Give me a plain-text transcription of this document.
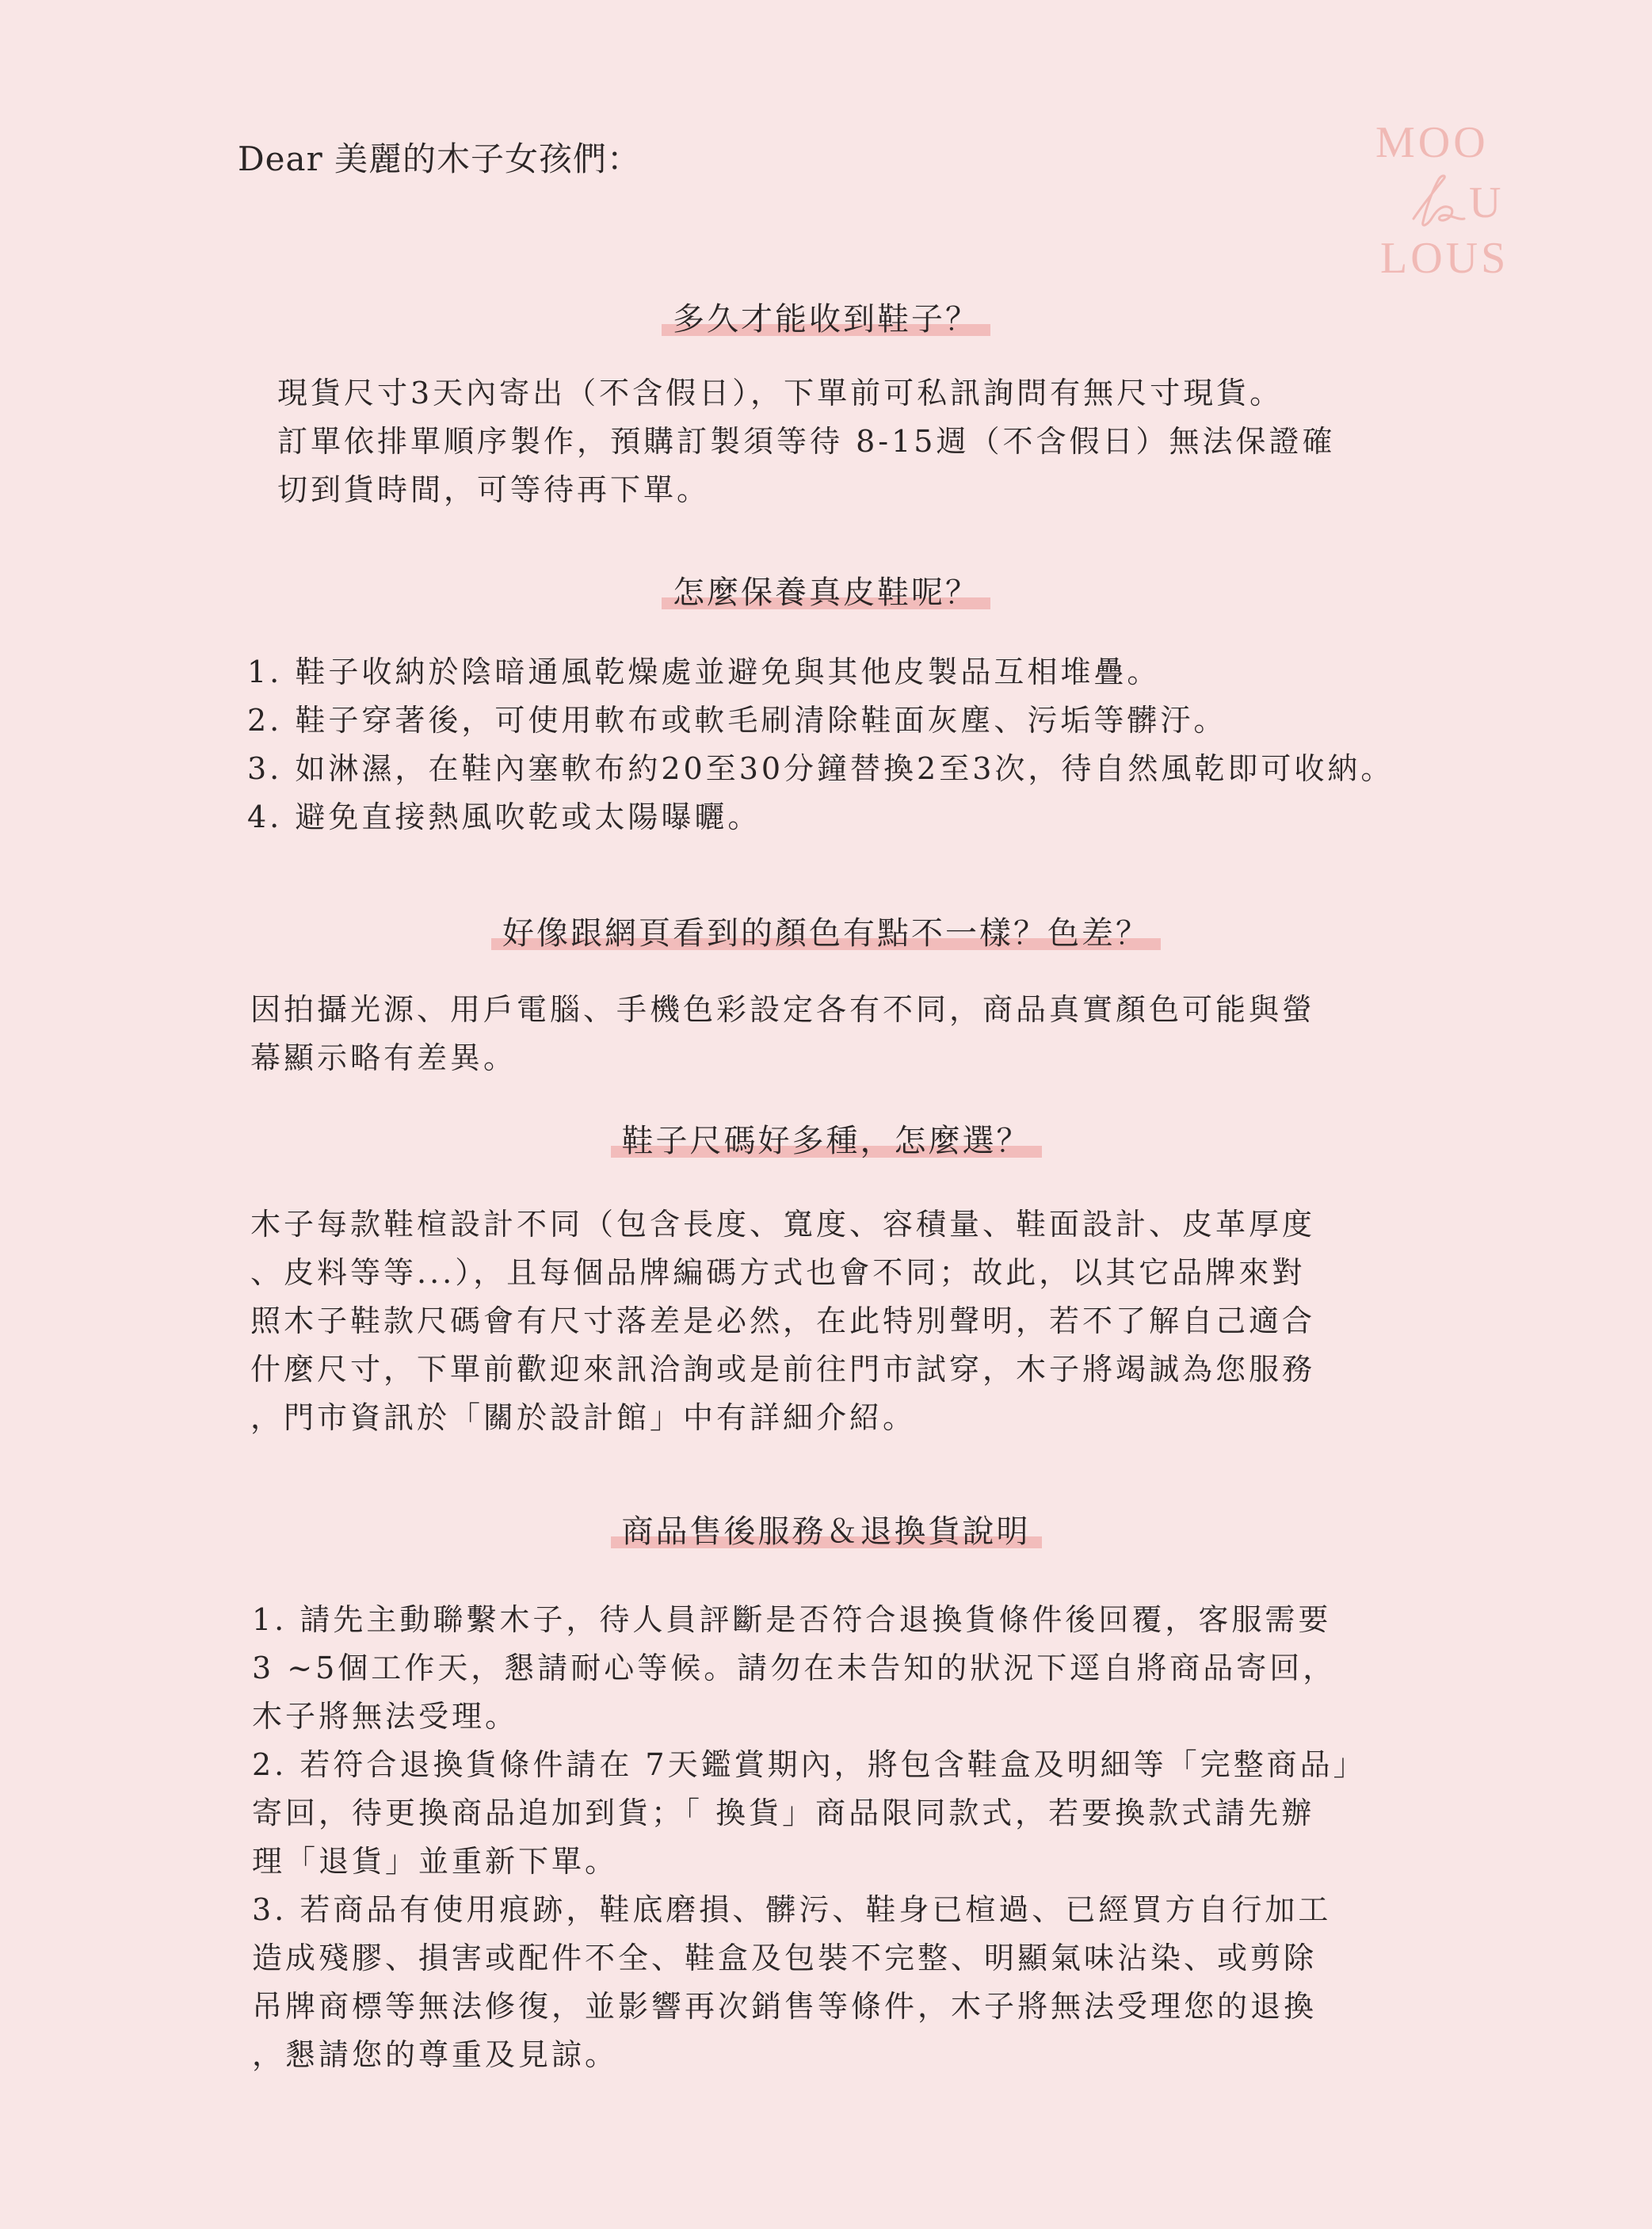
Dear 美麗的木子女孩們：	MOO
U
LOUS
多久才能收到鞋子？
現貨尺寸3天內寄出（不含假日），下單前可私訊詢問有無尺寸現貨。
訂單依排單順序製作，預購訂製須等待 8-15週（不含假日）無法保證確
切到貨時間，可等待再下單。
怎麼保養真皮鞋呢？
1. 鞋子收納於陰暗通風乾燥處並避免與其他皮製品互相堆疊。
2. 鞋子穿著後，可使用軟布或軟毛刷清除鞋面灰塵、污垢等髒汙。
3. 如淋濕，在鞋內塞軟布約20至30分鐘替換2至3次，待自然風乾即可收納。
4. 避免直接熱風吹乾或太陽曝曬。
好像跟網頁看到的顏色有點不一樣？色差？
因拍攝光源、用戶電腦、手機色彩設定各有不同，商品真實顏色可能與螢
幕顯示略有差異。
鞋子尺碼好多種，怎麼選？
木子每款鞋楦設計不同（包含長度、寬度、容積量、鞋面設計、皮革厚度
、皮料等等...），且每個品牌編碼方式也會不同；故此，以其它品牌來對
照木子鞋款尺碼會有尺寸落差是必然，在此特別聲明，若不了解自己適合
什麼尺寸，下單前歡迎來訊洽詢或是前往門市試穿，木子將竭誠為您服務
，門市資訊於「關於設計館」中有詳細介紹。
商品售後服務＆退換貨說明
1. 請先主動聯繫木子，待人員評斷是否符合退換貨條件後回覆，客服需要
3 ~5個工作天，懇請耐心等候。請勿在未告知的狀況下逕自將商品寄回，
木子將無法受理。
2. 若符合退換貨條件請在 7天鑑賞期內，將包含鞋盒及明細等「完整商品」
寄回，待更換商品追加到貨；「 換貨」商品限同款式，若要換款式請先辦
理「退貨」並重新下單。
3. 若商品有使用痕跡，鞋底磨損、髒污、鞋身已楦過、已經買方自行加工
造成殘膠、損害或配件不全、鞋盒及包裝不完整、明顯氣味沾染、或剪除
吊牌商標等無法修復，並影響再次銷售等條件，木子將無法受理您的退換
，懇請您的尊重及見諒。
